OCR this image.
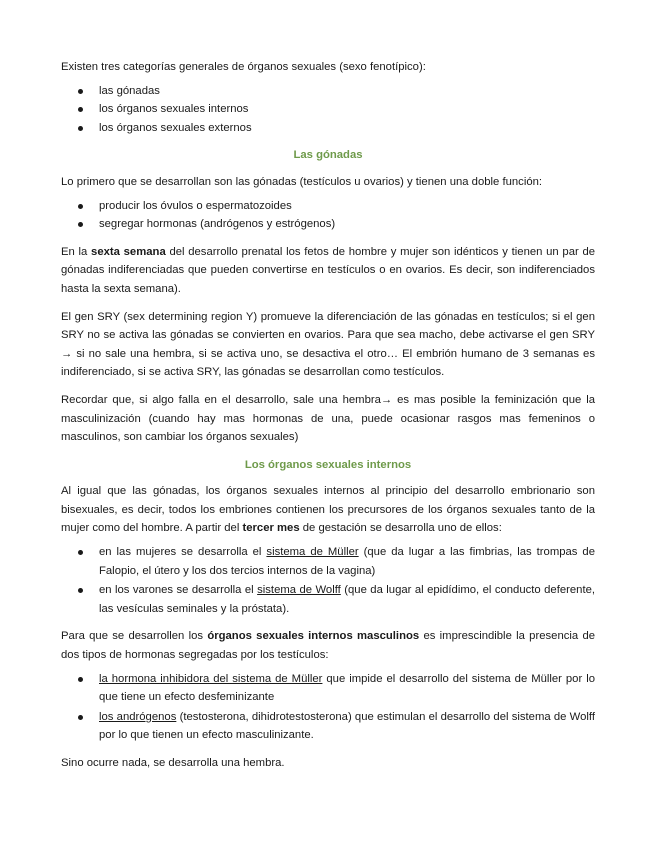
Existen tres categorías generales de órganos sexuales (sexo fenotípico):

las gónadas
los órganos sexuales internos
los órganos sexuales externos

Las gónadas

Lo primero que se desarrollan son las gónadas (testículos u ovarios) y tienen una doble función:

producir los óvulos o espermatozoides
segregar hormonas (andrógenos y estrógenos)

En la sexta semana del desarrollo prenatal los fetos de hombre y mujer son idénticos y tienen un par de gónadas indiferenciadas que pueden convertirse en testículos o en ovarios. Es decir, son indiferenciados hasta la sexta semana).

El gen SRY (sex determining region Y) promueve la diferenciación de las gónadas en testículos; si el gen SRY no se activa las gónadas se convierten en ovarios. Para que sea macho, debe activarse el gen SRY → si no sale una hembra, si se activa uno, se desactiva el otro… El embrión humano de 3 semanas es indiferenciado, si se activa SRY, las gónadas se desarrollan como testículos.

Recordar que, si algo falla en el desarrollo, sale una hembra→ es mas posible la feminización que la masculinización (cuando hay mas hormonas de una, puede ocasionar rasgos mas femeninos o masculinos, son cambiar los órganos sexuales)

Los órganos sexuales internos

Al igual que las gónadas, los órganos sexuales internos al principio del desarrollo embrionario son bisexuales, es decir, todos los embriones contienen los precursores de los órganos sexuales tanto de la mujer como del hombre. A partir del tercer mes de gestación se desarrolla uno de ellos:

en las mujeres se desarrolla el sistema de Müller (que da lugar a las fimbrias, las trompas de Falopio, el útero y los dos tercios internos de la vagina)
en los varones se desarrolla el sistema de Wolff (que da lugar al epidídimo, el conducto deferente, las vesículas seminales y la próstata).

Para que se desarrollen los órganos sexuales internos masculinos es imprescindible la presencia de dos tipos de hormonas segregadas por los testículos:

la hormona inhibidora del sistema de Müller que impide el desarrollo del sistema de Müller por lo que tiene un efecto desfeminizante
los andrógenos (testosterona, dihidrotestosterona) que estimulan el desarrollo del sistema de Wolff por lo que tienen un efecto masculinizante.

Sino ocurre nada, se desarrolla una hembra.
